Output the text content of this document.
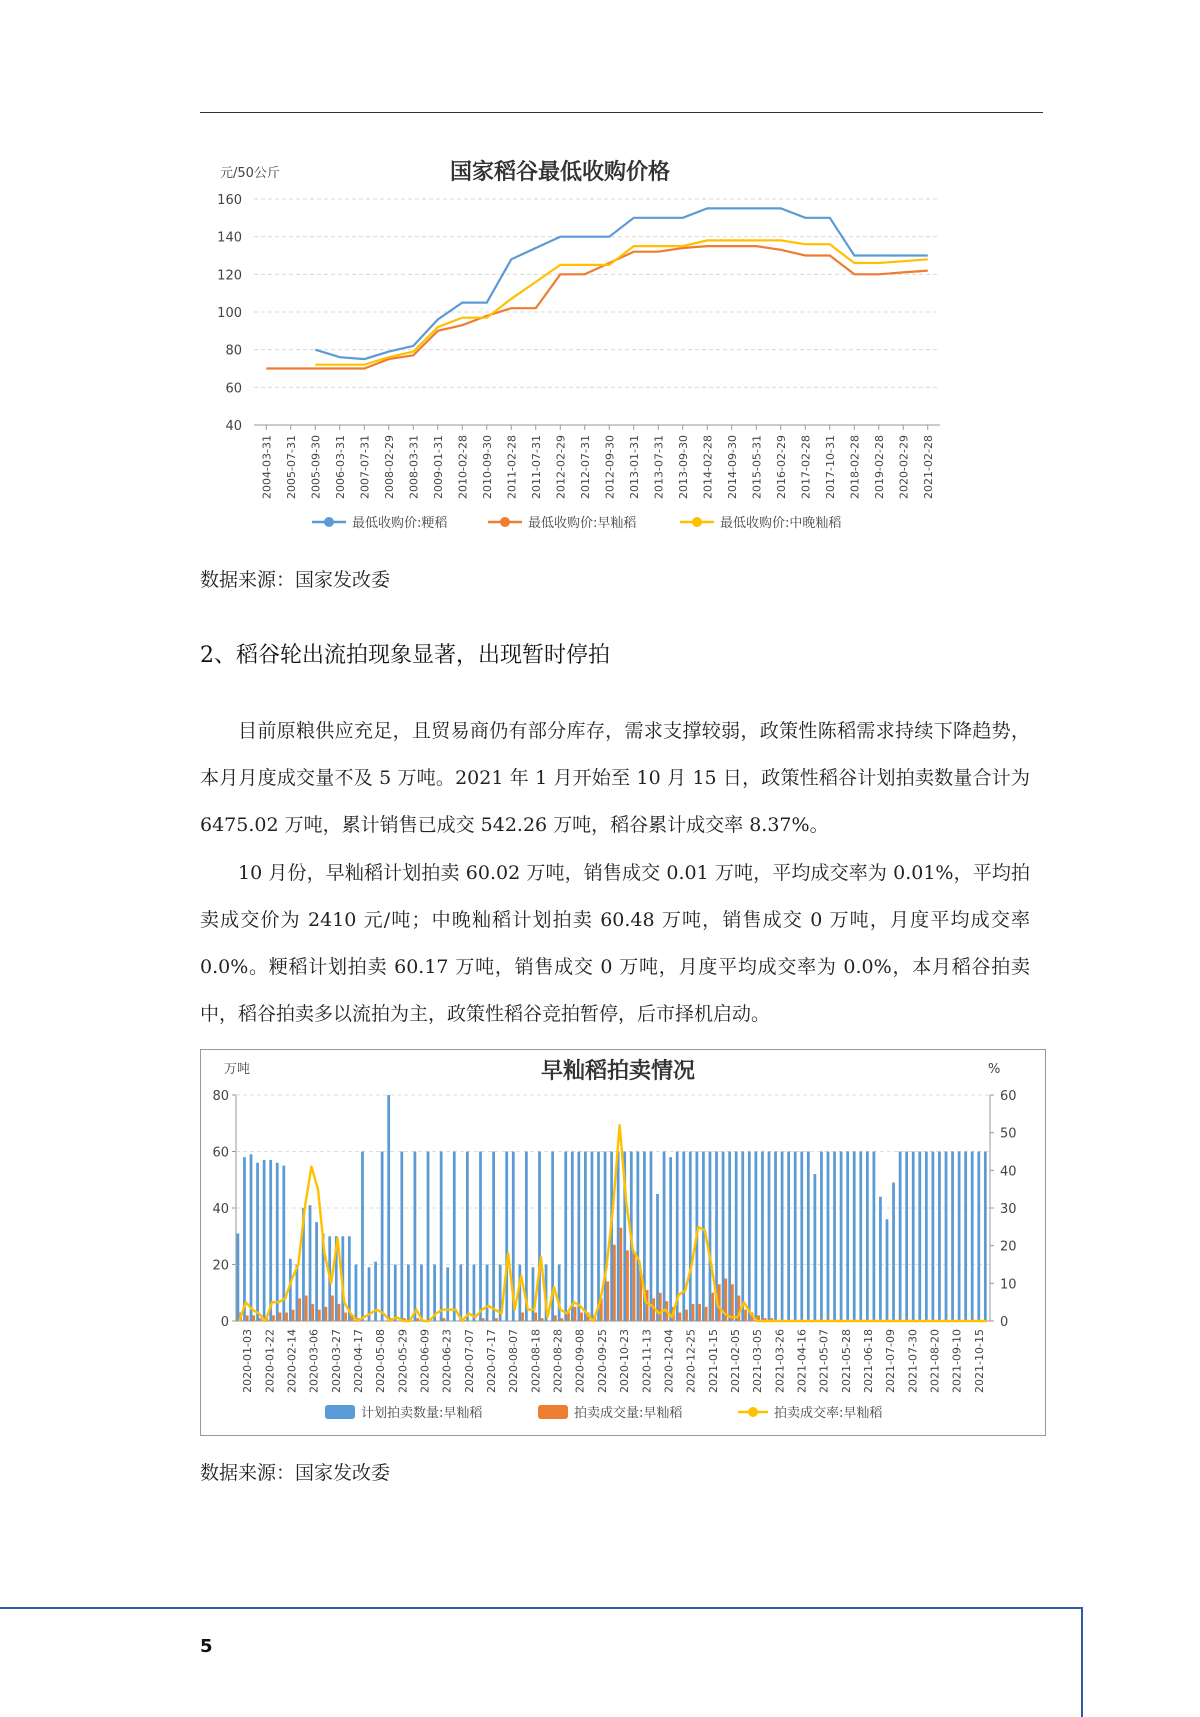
国家稻谷最低收购价格
元/50公斤
40
60
80
100
120
140
160
2004-03-31 2005-07-31 2005-09-30 2006-03-31 2007-07-31 2008-02-29 2008-03-31 2009-01-31 2010-02-28 2010-09-30 2011-02-28 2011-07-31 2012-02-29 2012-07-31 2012-09-30 2013-01-31 2013-07-31 2013-09-30 2014-02-28 2014-09-30 2015-05-31 2016-02-29 2017-02-28 2017-10-31 2018-02-28 2019-02-28 2020-02-29 2021-02-28
最低收购价:粳稻	最低收购价:早籼稻	最低收购价:中晚籼稻
数据来源：国家发改委
2、稻谷轮出流拍现象显著，出现暂时停拍
目前原粮供应充足，且贸易商仍有部分库存，需求支撑较弱，政策性陈稻需求持续下降趋势，本月月度成交量不及 5 万吨。2021 年 1 月开始至 10 月 15 日，政策性稻谷计划拍卖数量合计为 6475.02 万吨，累计销售已成交 542.26 万吨，稻谷累计成交率 8.37%。
10 月份，早籼稻计划拍卖 60.02 万吨，销售成交 0.01 万吨，平均成交率为 0.01%，平均拍卖成交价为 2410 元/吨；中晚籼稻计划拍卖 60.48 万吨，销售成交 0 万吨，月度平均成交率 0.0%。粳稻计划拍卖 60.17 万吨，销售成交 0 万吨，月度平均成交率为 0.0%，本月稻谷拍卖中，稻谷拍卖多以流拍为主，政策性稻谷竞拍暂停，后市择机启动。
早籼稻拍卖情况
万吨	%
0
20
40
60
80
0
10
20
30
40
50
60
2020-01-03 2020-01-22 2020-02-14 2020-03-06 2020-03-27 2020-04-17 2020-05-08 2020-05-29 2020-06-09 2020-06-23 2020-07-07 2020-07-17 2020-08-07 2020-08-18 2020-08-28 2020-09-08 2020-09-25 2020-10-23 2020-11-13 2020-12-04 2020-12-25 2021-01-15 2021-02-05 2021-03-05 2021-03-26 2021-04-16 2021-05-07 2021-05-28 2021-06-18 2021-07-09 2021-07-30 2021-08-20 2021-09-10 2021-10-15
计划拍卖数量:早籼稻	拍卖成交量:早籼稻	拍卖成交率:早籼稻
数据来源：国家发改委
5
